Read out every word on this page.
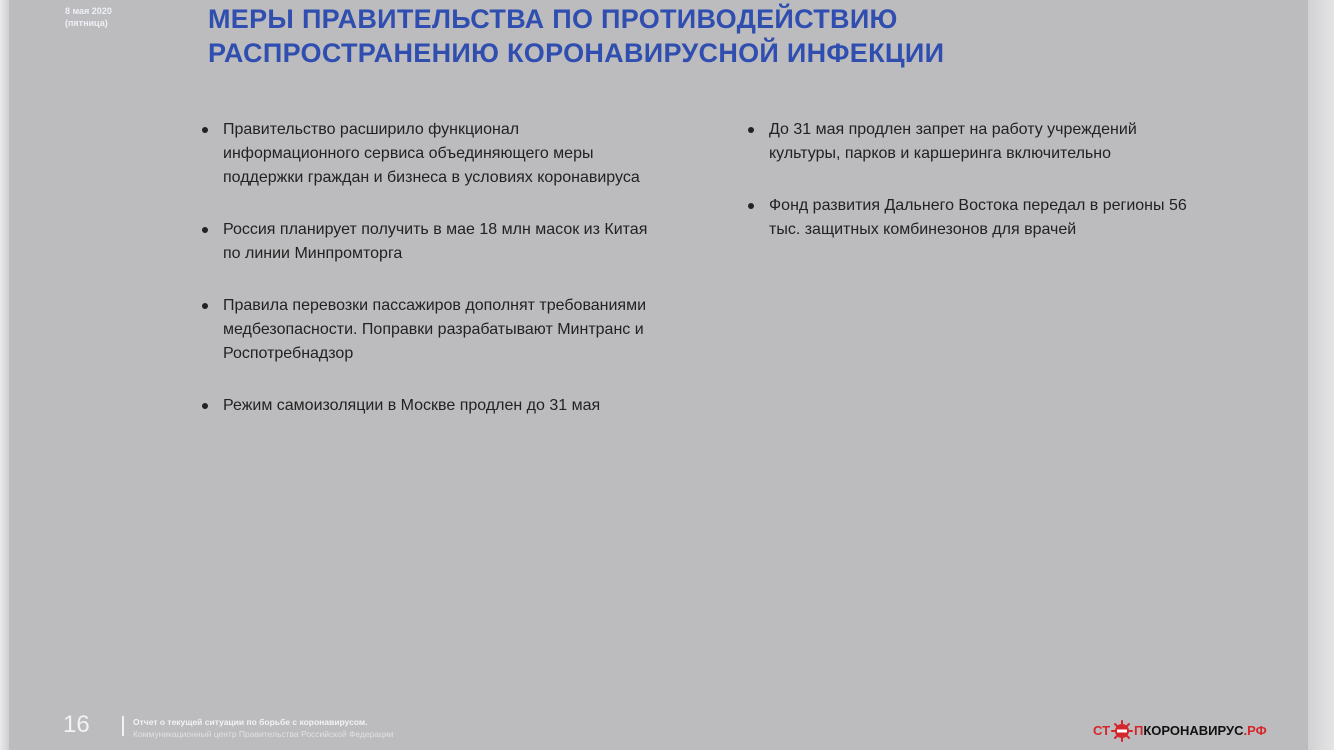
8 мая 2020
(пятница)	МЕРЫ ПРАВИТЕЛЬСТВА ПО ПРОТИВОДЕЙСТВИЮ
РАСПРОСТРАНЕНИЮ КОРОНАВИРУСНОЙ ИНФЕКЦИИ
Правительство расширило функционал
информационного сервиса объединяющего меры
поддержки граждан и бизнеса в условиях коронавируса
Россия планирует получить в мае 18 млн масок из Китая
по линии Минпромторга
Правила перевозки пассажиров дополнят требованиями
медбезопасности. Поправки разрабатывают Минтранс и
Роспотребнадзор
Режим самоизоляции в Москве продлен до 31 мая
До 31 мая продлен запрет на работу учреждений
культуры, парков и каршеринга включительно
Фонд развития Дальнего Востока передал в регионы 56
тыс. защитных комбинезонов для врачей
16	Отчет о текущей ситуации по борьбе с коронавирусом.
Коммуникационный центр Правительства Российской Федерации	СТ П КОРОНАВИРУС .РФ
